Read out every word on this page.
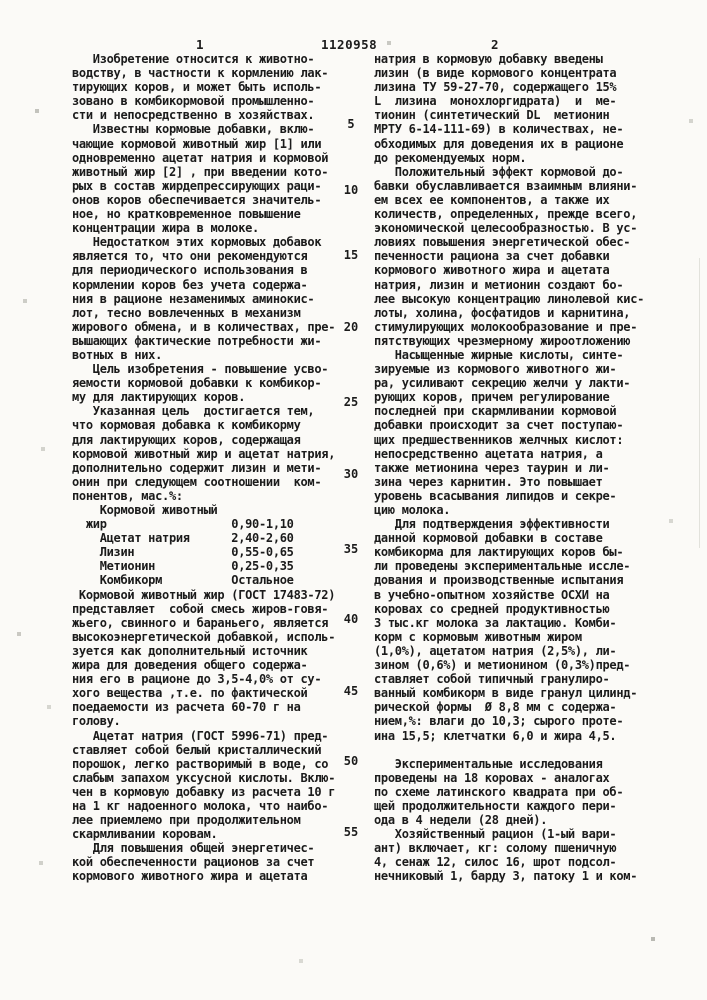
1	1120958	2
Изобретение относится к животно-
водству, в частности к кормлению лак-
тирующих коров, и может быть исполь-
зовано в комбикормовой промышленно-
сти и непосредственно в хозяйствах.
Известны кормовые добавки, вклю-
чающие кормовой животный жир [1] или
одновременно ацетат натрия и кормовой
животный жир [2] , при введении кото-
рых в состав жирдепрессирующих раци-
онов коров обеспечивается значитель-
ное, но кратковременное повышение
концентрации жира в молоке.
Недостатком этих кормовых добавок
является то, что они рекомендуются
для периодического использования в
кормлении коров без учета содержа-
ния в рационе незаменимых аминокис-
лот, тесно вовлеченных в механизм
жирового обмена, и в количествах, пре-
вышающих фактические потребности жи-
вотных в них.
Цель изобретения - повышение усво-
яемости кормовой добавки к комбикор-
му для лактирующих коров.
Указанная цель  достигается тем,
что кормовая добавка к комбикорму
для лактирующих коров, содержащая
кормовой животный жир и ацетат натрия,
дополнительно содержит лизин и мети-
онин при следующем соотношении  ком-
понентов, мас.%:
Кормовой животный
жир                  0,90-1,10
Ацетат натрия      2,40-2,60
Лизин              0,55-0,65
Метионин           0,25-0,35
Комбикорм          Остальное
Кормовой животный жир (ГОСТ 17483-72)
представляет  собой смесь жиров-говя-
жьего, свинного и бараньего, является
высокоэнергетической добавкой, исполь-
зуется как дополнительный источник
жира для доведения общего содержа-
ния его в рационе до 3,5-4,0% от су-
хого вещества ,т.е. по фактической
поедаемости из расчета 60-70 г на
голову.
Ацетат натрия (ГОСТ 5996-71) пред-
ставляет собой белый кристаллический
порошок, легко растворимый в воде, со
слабым запахом уксусной кислоты. Вклю-
чен в кормовую добавку из расчета 10 г
на 1 кг надоенного молока, что наибо-
лее приемлемо при продолжительном
скармливании коровам.
Для повышения общей энергетичес-
кой обеспеченности рационов за счет
кормового животного жира и ацетата
натрия в кормовую добавку введены
лизин (в виде кормового концентрата
лизина ТУ 59-27-70, содержащего 15%
L  лизина  монохлоргидрата)  и  ме-
тионин (синтетический DL  метионин
МРТУ 6-14-111-69) в количествах, не-
обходимых для доведения их в рационе
до рекомендуемых норм.
Положительный эффект кормовой до-
бавки обуславливается взаимным влияни-
ем всех ее компонентов, а также их
количеств, определенных, прежде всего,
экономической целесообразностью. В ус-
ловиях повышения энергетической обес-
печенности рациона за счет добавки
кормового животного жира и ацетата
натрия, лизин и метионин создают бо-
лее высокую концентрацию линолевой кис-
лоты, холина, фосфатидов и карнитина,
стимулирующих молокообразование и пре-
пятствующих чрезмерному жироотложению
Насыщенные жирные кислоты, синте-
зируемые из кормового животного жи-
ра, усиливают секрецию желчи у лакти-
рующих коров, причем регулирование
последней при скармливании кормовой
добавки происходит за счет поступаю-
щих предшественников желчных кислот:
непосредственно ацетата натрия, а
также метионина через таурин и ли-
зина через карнитин. Это повышает
уровень всасывания липидов и секре-
цию молока.
Для подтверждения эффективности
данной кормовой добавки в составе
комбикорма для лактирующих коров бы-
ли проведены экспериментальные иссле-
дования и производственные испытания
в учебно-опытном хозяйстве ОСХИ на
коровах со средней продуктивностью
3 тыс.кг молока за лактацию. Комби-
корм с кормовым животным жиром
(1,0%), ацетатом натрия (2,5%), ли-
зином (0,6%) и метионином (0,3%)пред-
ставляет собой типичный гранулиро-
ванный комбикорм в виде гранул цилинд-
рической формы  Ø 8,8 мм с содержа-
нием,%: влаги до 10,3; сырого проте-
ина 15,5; клетчатки 6,0 и жира 4,5.

Экспериментальные исследования
проведены на 18 коровах - аналогах
по схеме латинского квадрата при об-
щей продолжительности каждого пери-
ода в 4 недели (28 дней).
Хозяйственный рацион (1-ый вари-
ант) включает, кг: солому пшеничную
4, сенаж 12, силос 16, шрот подсол-
нечниковый 1, барду 3, патоку 1 и ком-
5
10
15
20
25
30
35
40
45
50
55
